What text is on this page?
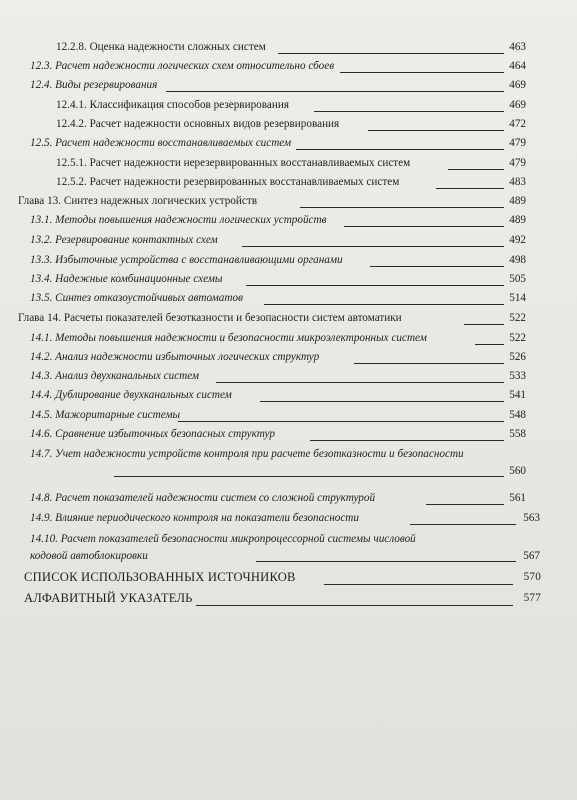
12.2.8. Оценка надежности сложных систем	463
12.3. Расчет надежности логических схем относительно сбоев	464
12.4. Виды резервирования	469
12.4.1. Классификация способов резервирования	469
12.4.2. Расчет надежности основных видов резервирования	472
12.5. Расчет надежности восстанавливаемых систем	479
12.5.1. Расчет надежности нерезервированных восстанавливаемых систем	479
12.5.2. Расчет надежности резервированных восстанавливаемых систем	483
Глава 13. Синтез надежных логических устройств	489
13.1. Методы повышения надежности логических устройств	489
13.2. Резервирование контактных схем	492
13.3. Избыточные устройства с восстанавливающими органами	498
13.4. Надежные комбинационные схемы	505
13.5. Синтез отказоустойчивых автоматов	514
Глава 14. Расчеты показателей безотказности и безопасности систем автоматики	522
14.1. Методы повышения надежности и безопасности микроэлектронных систем	522
14.2. Анализ надежности избыточных логических структур	526
14.3. Анализ двухканальных систем	533
14.4. Дублирование двухканальных систем	541
14.5. Мажоритарные системы	548
14.6. Сравнение избыточных безопасных структур	558
14.7. Учет надежности устройств контроля при расчете безотказности и безопасности
560
14.8. Расчет показателей надежности систем со сложной структурой	561
14.9. Влияние периодического контроля на показатели безопасности	563
14.10. Расчет показателей безопасности микропроцессорной системы числовой кодовой автоблокировки	567
СПИСОК ИСПОЛЬЗОВАННЫХ ИСТОЧНИКОВ	570
АЛФАВИТНЫЙ УКАЗАТЕЛЬ	577
